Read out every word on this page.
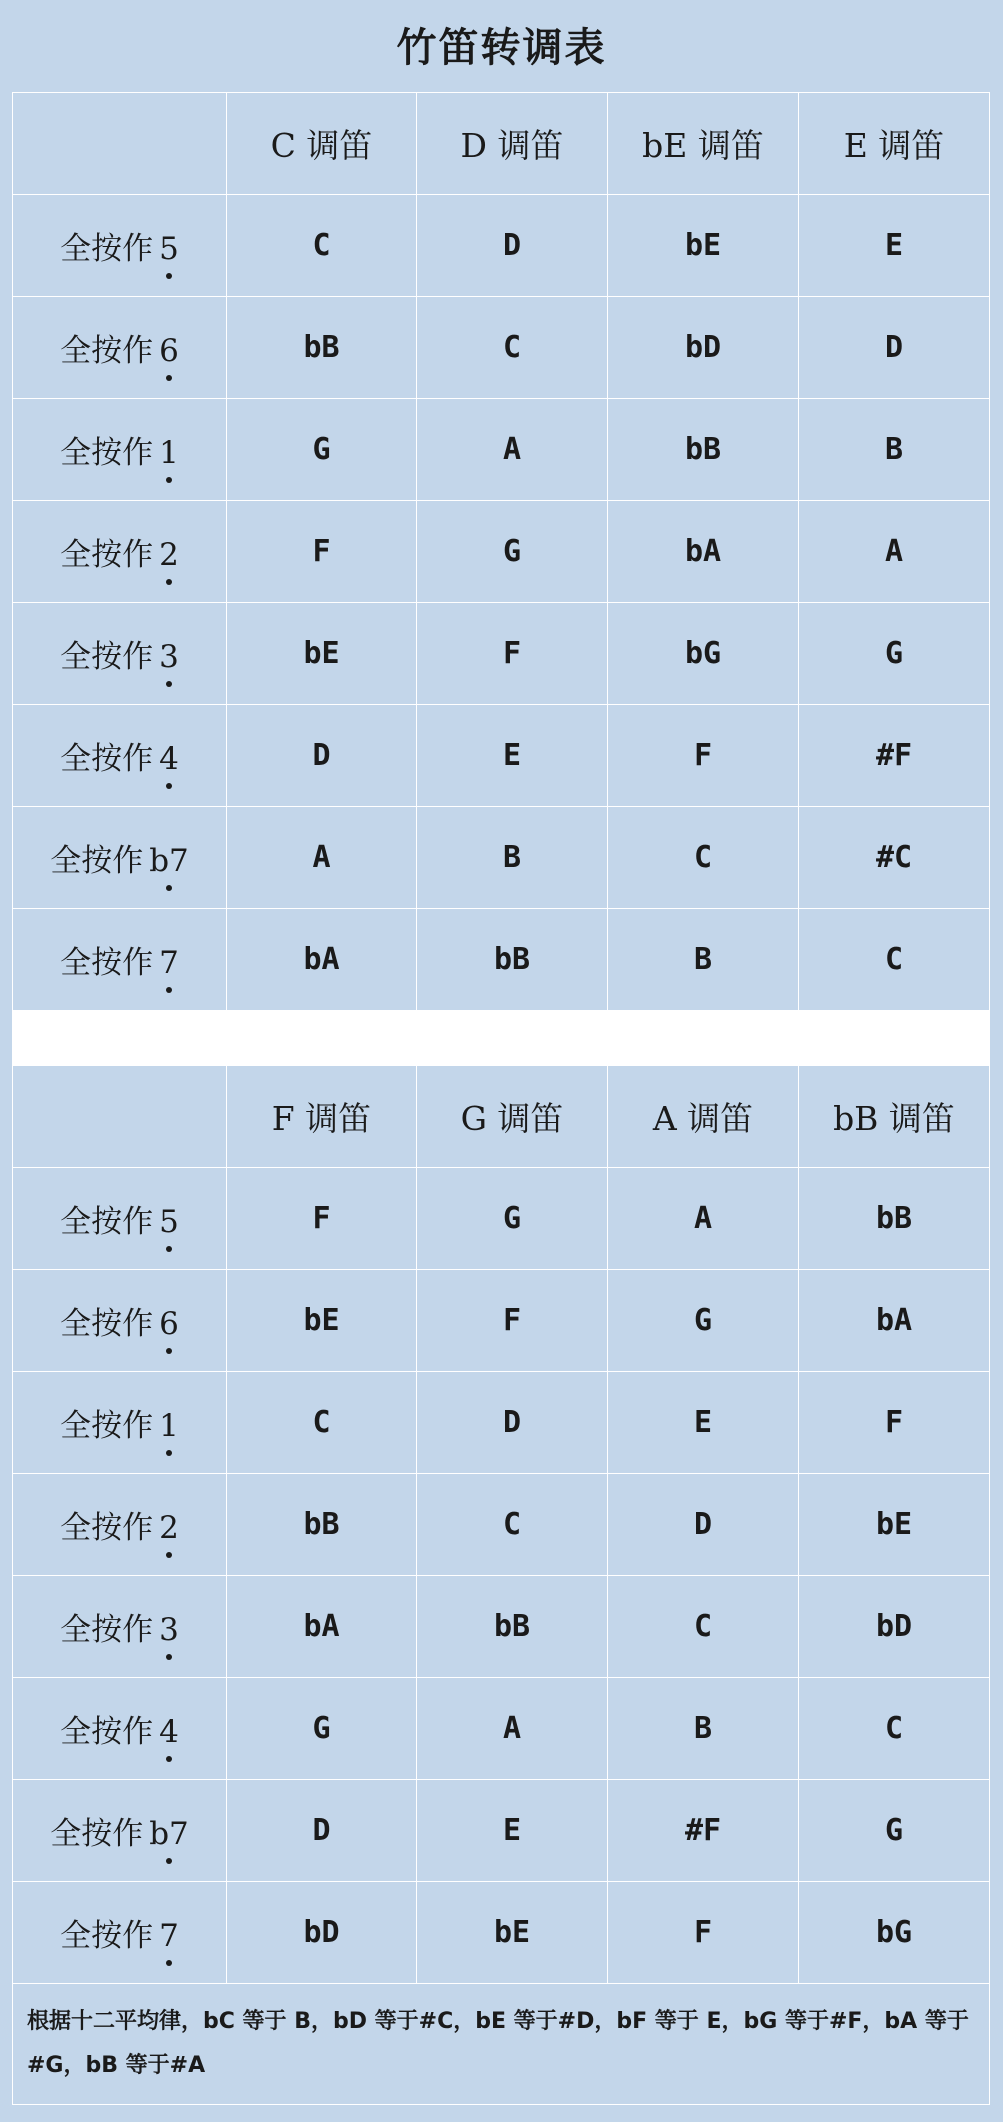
竹笛转调表
	C 调笛	D 调笛	bE 调笛	E 调笛
全按作 5	C	D	bE	E
全按作 6	bB	C	bD	D
全按作 1	G	A	bB	B
全按作 2	F	G	bA	A
全按作 3	bE	F	bG	G
全按作 4	D	E	F	#F
全按作 b7	A	B	C	#C
全按作 7	bA	bB	B	C

	F 调笛	G 调笛	A 调笛	bB 调笛
全按作 5	F	G	A	bB
全按作 6	bE	F	G	bA
全按作 1	C	D	E	F
全按作 2	bB	C	D	bE
全按作 3	bA	bB	C	bD
全按作 4	G	A	B	C
全按作 b7	D	E	#F	G
全按作 7	bD	bE	F	bG
根据十二平均律，bC 等于 B，bD 等于#C，bE 等于#D，bF 等于 E，bG 等于#F，bA 等于#G，bB 等于#A				
